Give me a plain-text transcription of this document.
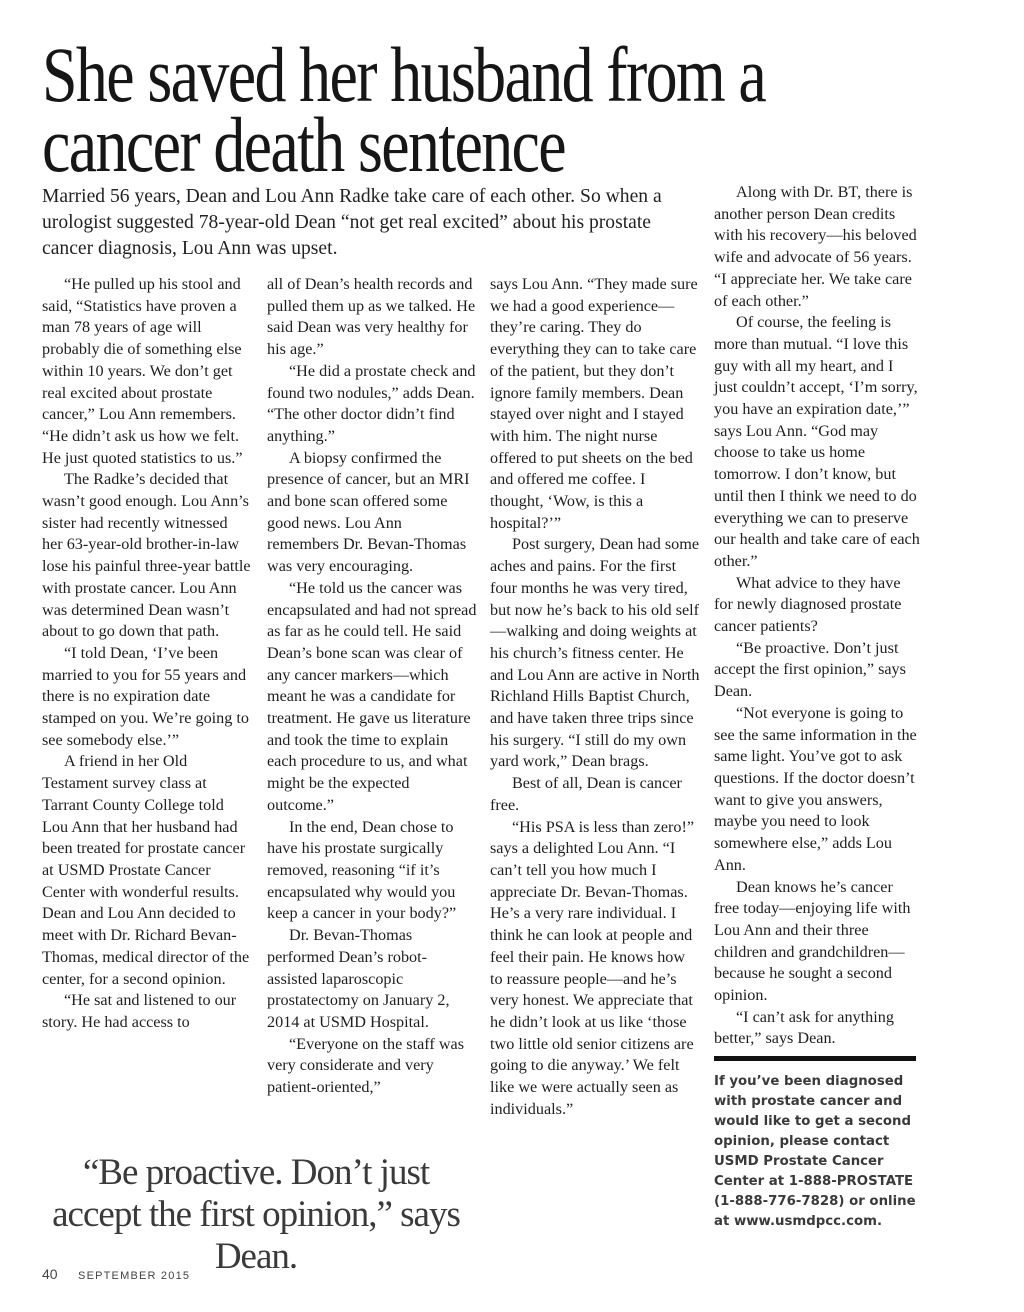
She saved her husband from a
cancer death sentence
Married 56 years, Dean and Lou Ann Radke take care of each other. So when a urologist suggested 78-year-old Dean “not get real excited” about his prostate cancer diagnosis, Lou Ann was upset.

“He pulled up his stool and said, “Statistics have proven a man 78 years of age will probably die of something else within 10 years. We don’t get real excited about prostate cancer,” Lou Ann remembers. “He didn’t ask us how we felt. He just quoted statistics to us.”

The Radke’s decided that wasn’t good enough. Lou Ann’s sister had recently witnessed her 63-year-old brother-in-law lose his painful three-year battle with prostate cancer. Lou Ann was determined Dean wasn’t about to go down that path.

“I told Dean, ‘I’ve been married to you for 55 years and there is no expiration date stamped on you. We’re going to see somebody else.’”

A friend in her Old Testament survey class at Tarrant County College told Lou Ann that her husband had been treated for prostate cancer at USMD Prostate Cancer Center with wonderful results. Dean and Lou Ann decided to meet with Dr. Richard Bevan-Thomas, medical director of the center, for a second opinion.

“He sat and listened to our story. He had access to

all of Dean’s health records and pulled them up as we talked. He said Dean was very healthy for his age.”

“He did a prostate check and found two nodules,” adds Dean. “The other doctor didn’t find anything.”

A biopsy confirmed the presence of cancer, but an MRI and bone scan offered some good news. Lou Ann remembers Dr. Bevan-Thomas was very encouraging.

“He told us the cancer was encapsulated and had not spread as far as he could tell. He said Dean’s bone scan was clear of any cancer markers—which meant he was a candidate for treatment. He gave us literature and took the time to explain each procedure to us, and what might be the expected outcome.”

In the end, Dean chose to have his prostate surgically removed, reasoning “if it’s encapsulated why would you keep a cancer in your body?”

Dr. Bevan-Thomas performed Dean’s robot-assisted laparoscopic prostatectomy on January 2, 2014 at USMD Hospital.

“Everyone on the staff was very considerate and very patient-oriented,”

says Lou Ann. “They made sure we had a good experience—they’re caring. They do everything they can to take care of the patient, but they don’t ignore family members. Dean stayed over night and I stayed with him. The night nurse offered to put sheets on the bed and offered me coffee. I thought, ‘Wow, is this a hospital?’”

Post surgery, Dean had some aches and pains. For the first four months he was very tired, but now he’s back to his old self—walking and doing weights at his church’s fitness center. He and Lou Ann are active in North Richland Hills Baptist Church, and have taken three trips since his surgery. “I still do my own yard work,” Dean brags.

Best of all, Dean is cancer free.

“His PSA is less than zero!” says a delighted Lou Ann. “I can’t tell you how much I appreciate Dr. Bevan-Thomas. He’s a very rare individual. I think he can look at people and feel their pain. He knows how to reassure people—and he’s very honest. We appreciate that he didn’t look at us like ‘those two little old senior citizens are going to die anyway.’ We felt like we were actually seen as individuals.”

Along with Dr. BT, there is another person Dean credits with his recovery—his beloved wife and advocate of 56 years. “I appreciate her. We take care of each other.”

Of course, the feeling is more than mutual. “I love this guy with all my heart, and I just couldn’t accept, ‘I’m sorry, you have an expiration date,’” says Lou Ann. “God may choose to take us home tomorrow. I don’t know, but until then I think we need to do everything we can to preserve our health and take care of each other.”

What advice to they have for newly diagnosed prostate cancer patients?

“Be proactive. Don’t just accept the first opinion,” says Dean.

“Not everyone is going to see the same information in the same light. You’ve got to ask questions. If the doctor doesn’t want to give you answers, maybe you need to look somewhere else,” adds Lou Ann.

Dean knows he’s cancer free today—enjoying life with Lou Ann and their three children and grandchildren—because he sought a second opinion.

“I can’t ask for anything better,” says Dean.

“Be proactive. Don’t just accept the first opinion,” says Dean.
If you’ve been diagnosed with prostate cancer and would like to get a second opinion, please contact USMD Prostate Cancer Center at 1-888-PROSTATE (1-888-776-7828) or online at www.usmdpcc.com.
40 SEPTEMBER 2015
